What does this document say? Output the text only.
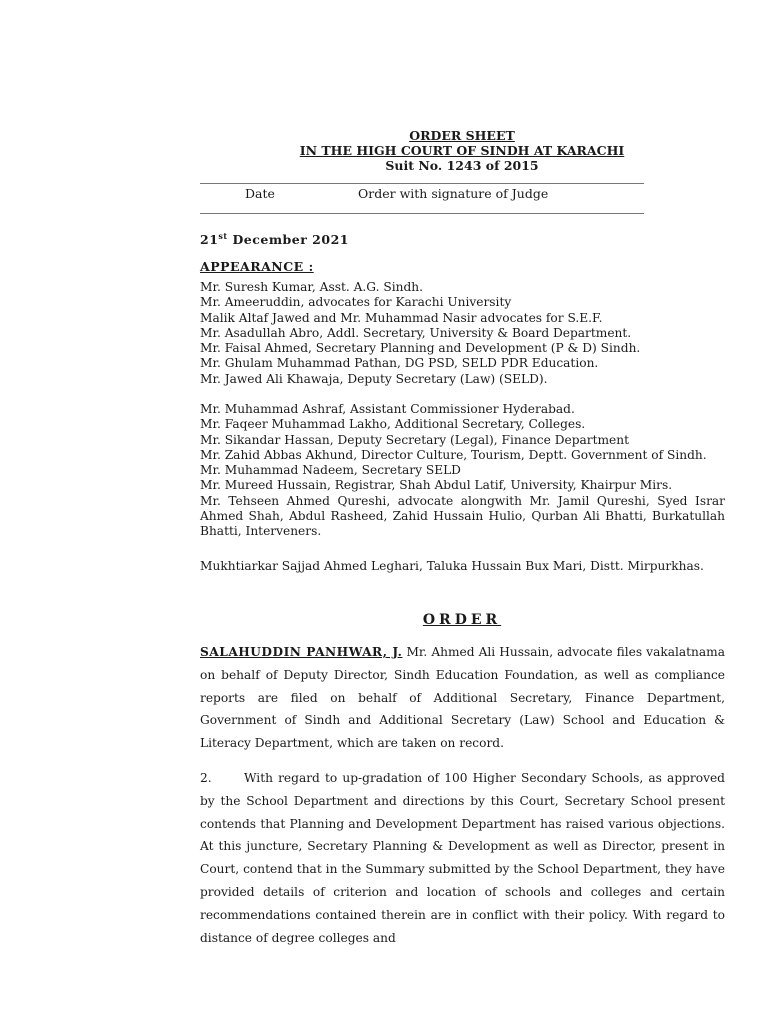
ORDER SHEET
IN THE HIGH COURT OF SINDH AT KARACHI
Suit No. 1243 of 2015
Date	Order with signature of Judge
21st December 2021
APPEARANCE :
Mr. Suresh Kumar, Asst. A.G. Sindh.
Mr. Ameeruddin, advocates for Karachi University
Malik Altaf Jawed and Mr. Muhammad Nasir advocates for S.E.F.
Mr. Asadullah Abro, Addl. Secretary, University & Board Department.
Mr. Faisal Ahmed, Secretary Planning and Development (P & D) Sindh.
Mr. Ghulam Muhammad Pathan, DG PSD, SELD PDR Education.
Mr. Jawed Ali Khawaja, Deputy Secretary (Law) (SELD).
Mr. Muhammad Ashraf, Assistant Commissioner Hyderabad.
Mr. Faqeer Muhammad Lakho, Additional Secretary, Colleges.
Mr. Sikandar Hassan, Deputy Secretary (Legal), Finance Department
Mr. Zahid Abbas Akhund, Director Culture, Tourism, Deptt. Government of Sindh.
Mr. Muhammad Nadeem, Secretary SELD
Mr. Mureed Hussain, Registrar, Shah Abdul Latif, University, Khairpur Mirs.
Mr. Tehseen Ahmed Qureshi, advocate alongwith Mr. Jamil Qureshi, Syed Israr Ahmed Shah, Abdul Rasheed, Zahid Hussain Hulio, Qurban Ali Bhatti, Burkatullah Bhatti, Interveners.
Mukhtiarkar Sajjad Ahmed Leghari, Taluka Hussain Bux Mari, Distt. Mirpurkhas.
ORDER
SALAHUDDIN PANHWAR, J. Mr. Ahmed Ali Hussain, advocate files vakalatnama on behalf of Deputy Director, Sindh Education Foundation, as well as compliance reports are filed on behalf of Additional Secretary, Finance Department, Government of Sindh and Additional Secretary (Law) School and Education & Literacy Department, which are taken on record.
2.	With regard to up-gradation of 100 Higher Secondary Schools, as approved by the School Department and directions by this Court, Secretary School present contends that Planning and Development Department has raised various objections. At this juncture, Secretary Planning & Development as well as Director, present in Court, contend that in the Summary submitted by the School Department, they have provided details of criterion and location of schools and colleges and certain recommendations contained therein are in conflict with their policy. With regard to distance of degree colleges and
